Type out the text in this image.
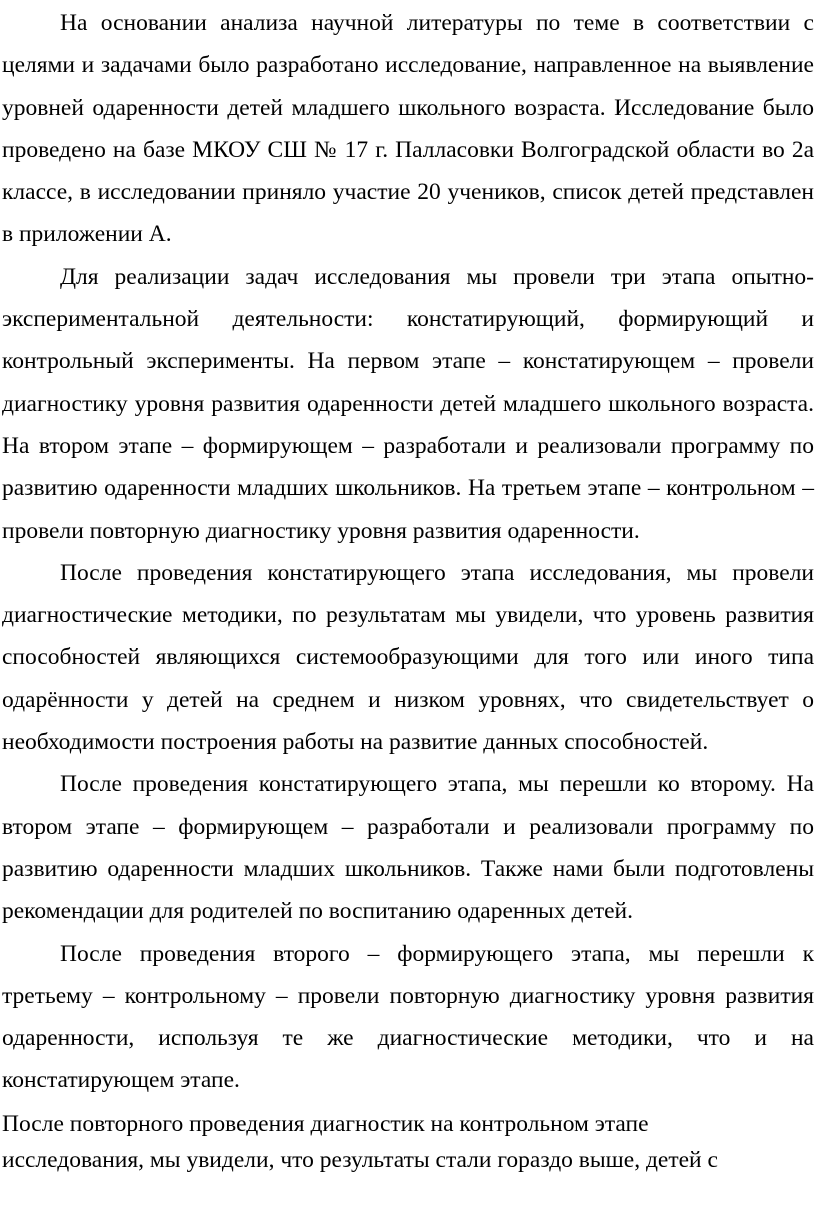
На основании анализа научной литературы по теме в соответствии с целями и задачами было разработано исследование, направленное на выявление уровней одаренности детей младшего школьного возраста. Исследование было проведено на базе МКОУ СШ № 17 г. Палласовки Волгоградской области во 2а классе, в исследовании приняло участие 20 учеников, список детей представлен в приложении А.

Для реализации задач исследования мы провели три этапа опытно-экспериментальной деятельности: констатирующий, формирующий и контрольный эксперименты. На первом этапе – констатирующем – провели диагностику уровня развития одаренности детей младшего школьного возраста. На втором этапе – формирующем – разработали и реализовали программу по развитию одаренности младших школьников. На третьем этапе – контрольном – провели повторную диагностику уровня развития одаренности.

После проведения констатирующего этапа исследования, мы провели диагностические методики, по результатам мы увидели, что уровень развития способностей являющихся системообразующими для того или иного типа одарённости у детей на среднем и низком уровнях, что свидетельствует о необходимости построения работы на развитие данных способностей.

После проведения констатирующего этапа, мы перешли ко второму. На втором этапе – формирующем – разработали и реализовали программу по развитию одаренности младших школьников. Также нами были подготовлены рекомендации для родителей по воспитанию одаренных детей.

После проведения второго – формирующего этапа, мы перешли к третьему – контрольному – провели повторную диагностику уровня развития одаренности, используя те же диагностические методики, что и на констатирующем этапе.

После повторного проведения диагностик на контрольном этапе
исследования, мы увидели, что результаты стали гораздо выше, детей с
